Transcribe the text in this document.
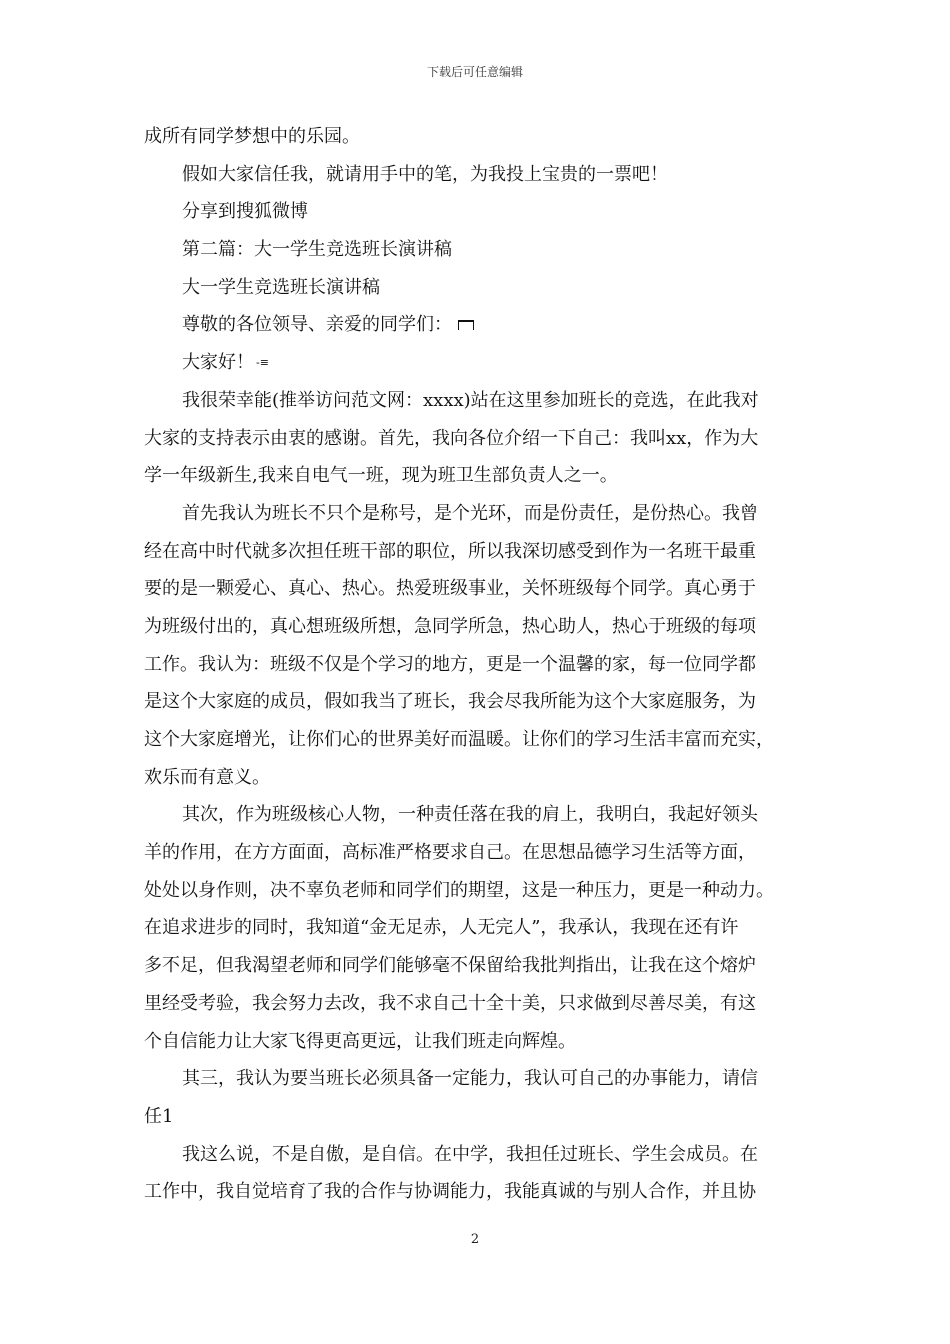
下载后可任意编辑
成所有同学梦想中的乐园。
假如大家信任我，就请用手中的笔，为我投上宝贵的一票吧！
分享到搜狐微博
第二篇：大一学生竞选班长演讲稿
大一学生竞选班长演讲稿
尊敬的各位领导、亲爱的同学们：
大家好！ -≡
我很荣幸能(推举访问范文网：xxxx)站在这里参加班长的竞选，在此我对
大家的支持表示由衷的感谢。首先，我向各位介绍一下自己：我叫xx，作为大
学一年级新生,我来自电气一班，现为班卫生部负责人之一。
首先我认为班长不只个是称号，是个光环，而是份责任，是份热心。我曾
经在高中时代就多次担任班干部的职位，所以我深切感受到作为一名班干最重
要的是一颗爱心、真心、热心。热爱班级事业，关怀班级每个同学。真心勇于
为班级付出的，真心想班级所想，急同学所急，热心助人，热心于班级的每项
工作。我认为：班级不仅是个学习的地方，更是一个温馨的家，每一位同学都
是这个大家庭的成员，假如我当了班长，我会尽我所能为这个大家庭服务，为
这个大家庭增光，让你们心的世界美好而温暖。让你们的学习生活丰富而充实，
欢乐而有意义。
其次，作为班级核心人物，一种责任落在我的肩上，我明白，我起好领头
羊的作用，在方方面面，高标准严格要求自己。在思想品德学习生活等方面，
处处以身作则，决不辜负老师和同学们的期望，这是一种压力，更是一种动力。
在追求进步的同时，我知道“金无足赤，人无完人”，我承认，我现在还有许
多不足，但我渴望老师和同学们能够毫不保留给我批判指出，让我在这个熔炉
里经受考验，我会努力去改，我不求自己十全十美，只求做到尽善尽美，有这
个自信能力让大家飞得更高更远，让我们班走向辉煌。
其三，我认为要当班长必须具备一定能力，我认可自己的办事能力，请信
任1
我这么说，不是自傲，是自信。在中学，我担任过班长、学生会成员。在
工作中，我自觉培育了我的合作与协调能力，我能真诚的与别人合作，并且协
2
